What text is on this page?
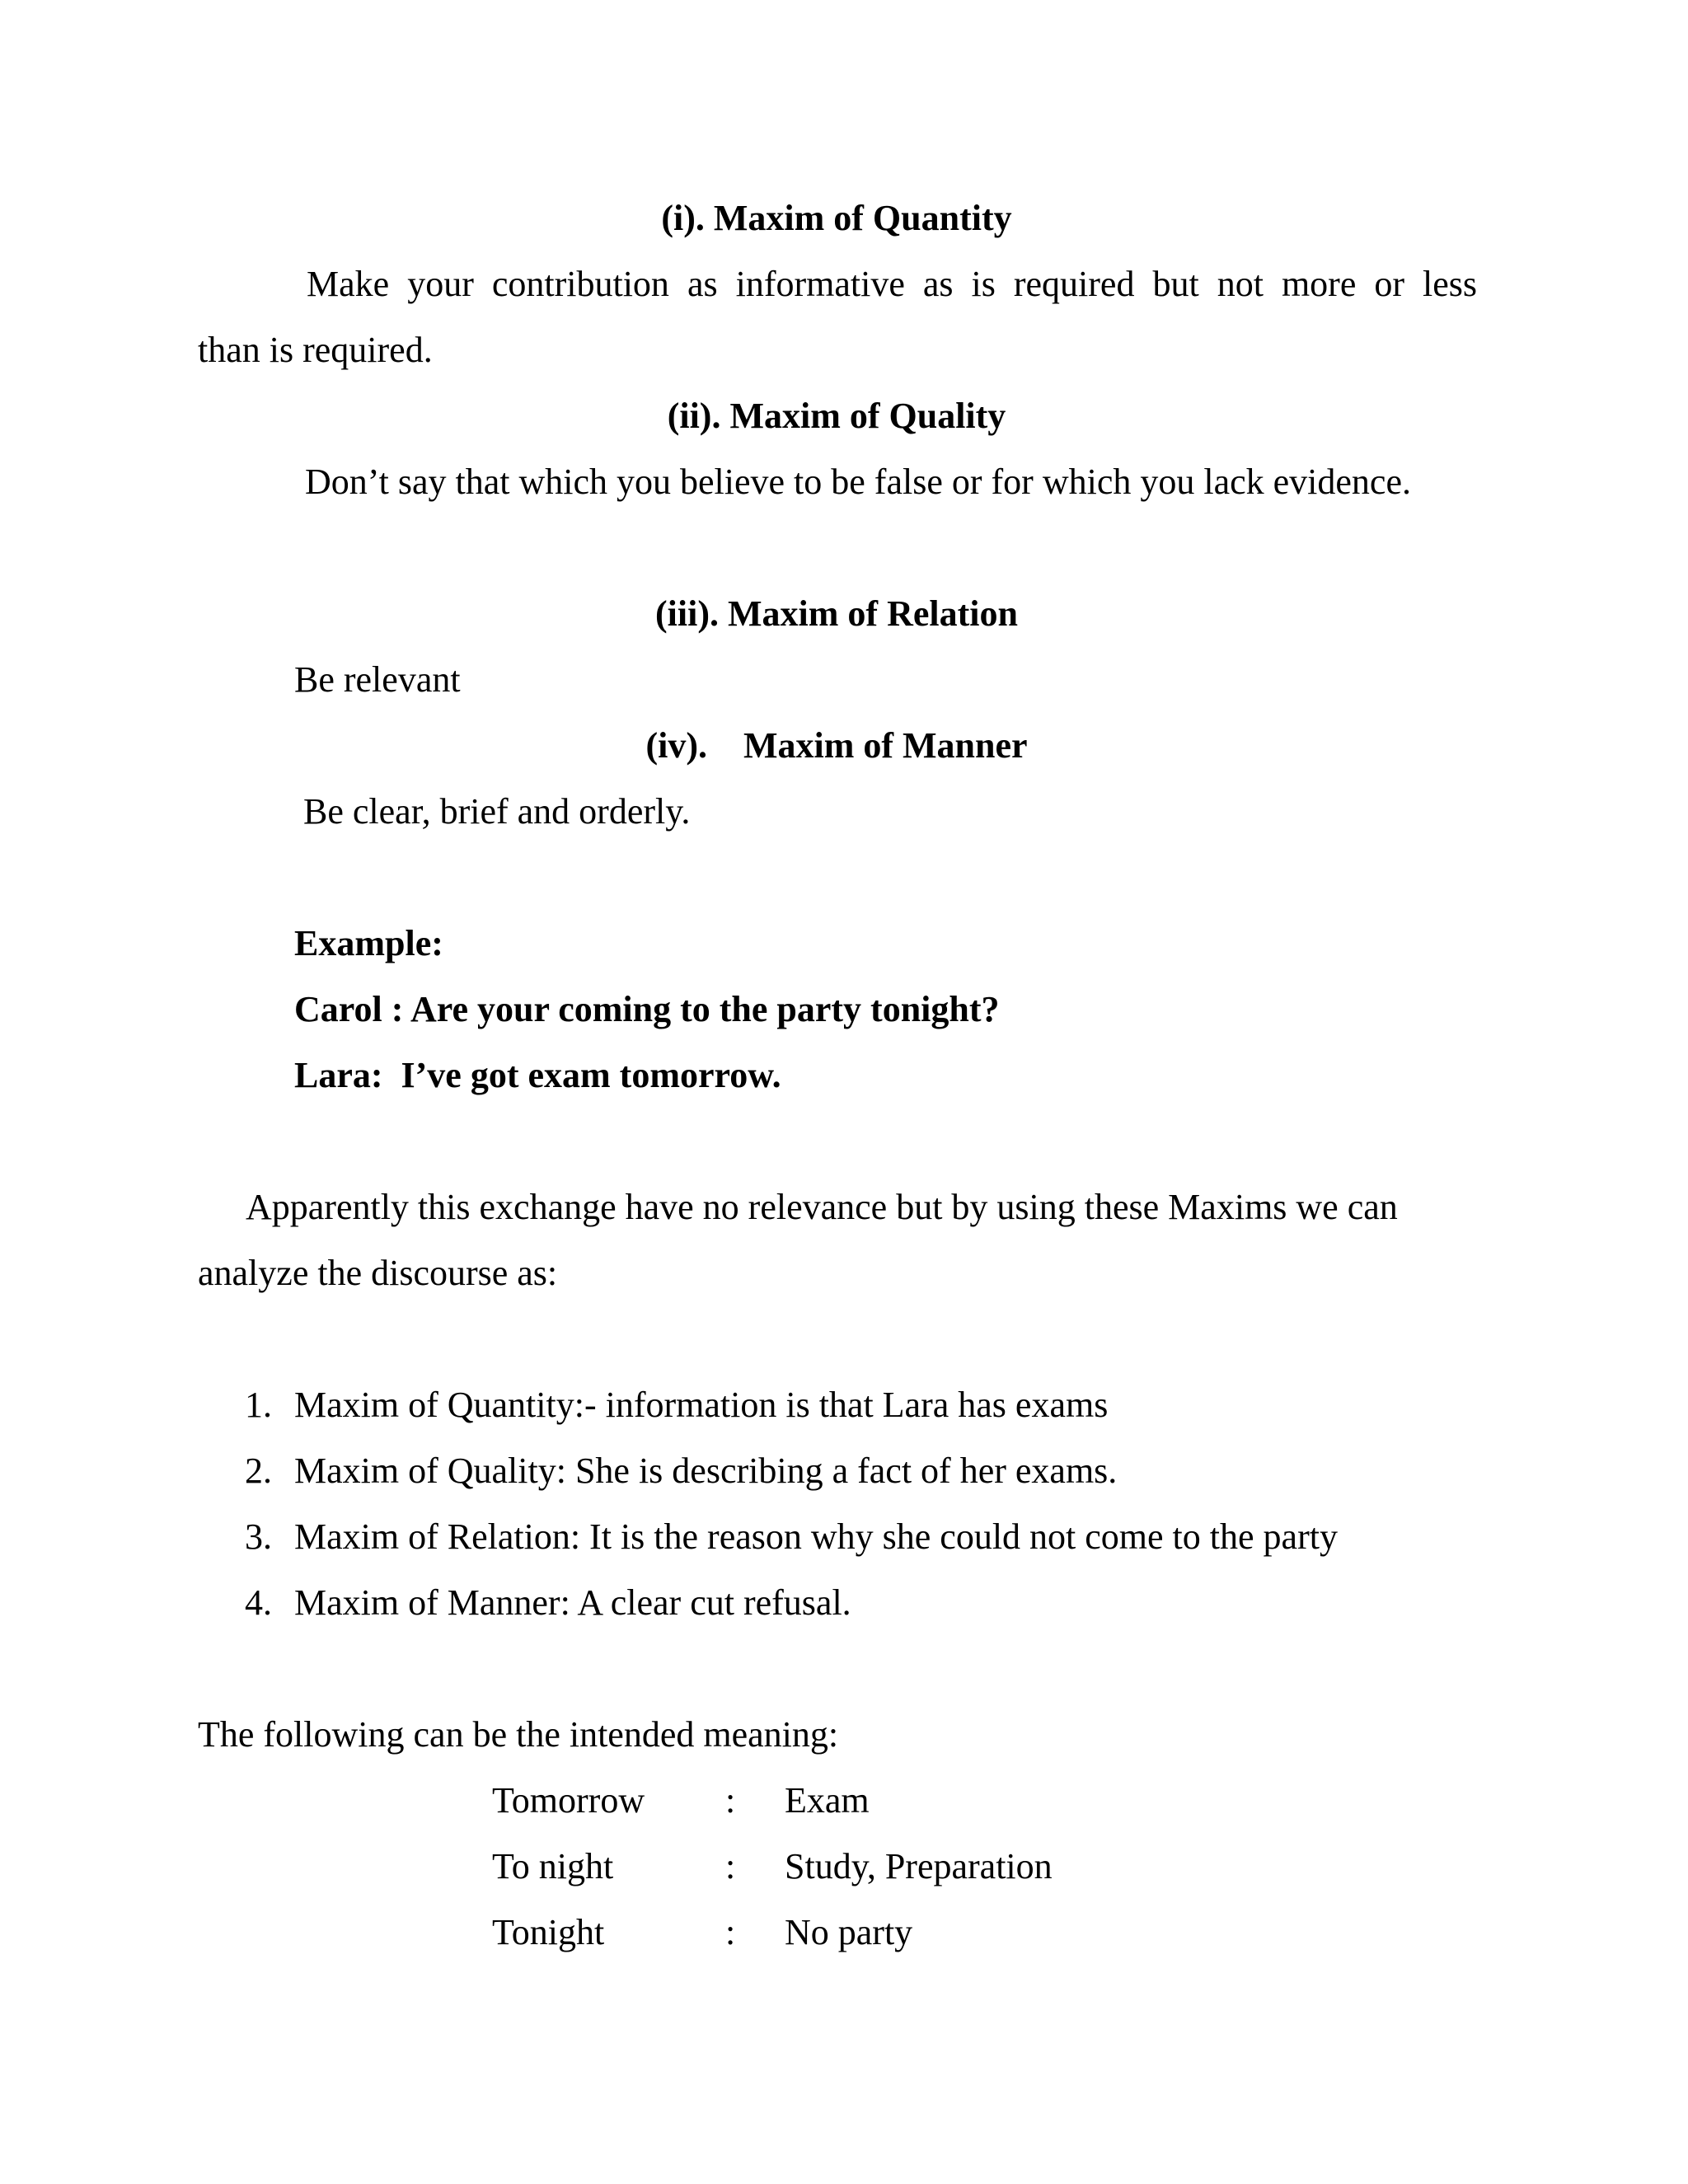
(i). Maxim of Quantity
Make your contribution as informative as is required but not more or less
than is required.
(ii). Maxim of Quality
Don’t say that which you believe to be false or for which you lack evidence.
(iii). Maxim of Relation
Be relevant
(iv).    Maxim of Manner
Be clear, brief and orderly.
Example:
Carol : Are your coming to the party tonight?
Lara:  I’ve got exam tomorrow.
Apparently this exchange have no relevance but by using these Maxims we can
analyze the discourse as:
1. Maxim of Quantity:- information is that Lara has exams
2. Maxim of Quality: She is describing a fact of her exams.
3. Maxim of Relation: It is the reason why she could not come to the party
4. Maxim of Manner: A clear cut refusal.
The following can be the intended meaning:
Tomorrow : Exam
To night	: Study, Preparation
Tonight	: No party
